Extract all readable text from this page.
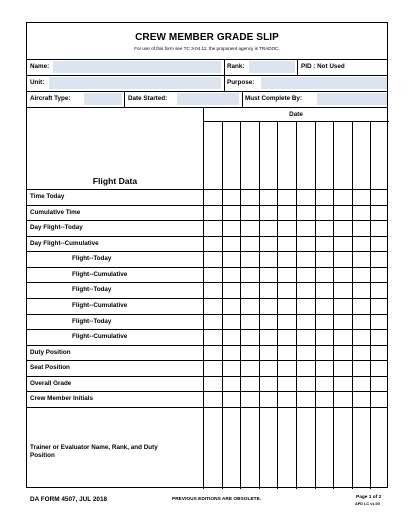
CREW MEMBER GRADE SLIP
For use of this form see TC 3-04.11; the proponent agency is TRADOC.
Name:	Rank:	PID : Not Used
Unit:	Purpose:
Aircraft Type:	Date Started:	Must Complete By:
Date
Flight Data
Time Today
Cumulative Time
Day Flight--Today
Day Flight--Cumulative
Flight--Today
Flight--Cumulative
Flight--Today
Flight--Cumulative
Flight--Today
Flight--Cumulative
Duty Position
Seat Position
Overall Grade
Crew Member Initials
Trainer or Evaluator Name, Rank, and Duty Position
DA FORM 4507, JUL 2018	PREVIOUS EDITIONS ARE OBSOLETE.	Page 1 of 2
APD LC v1.00
